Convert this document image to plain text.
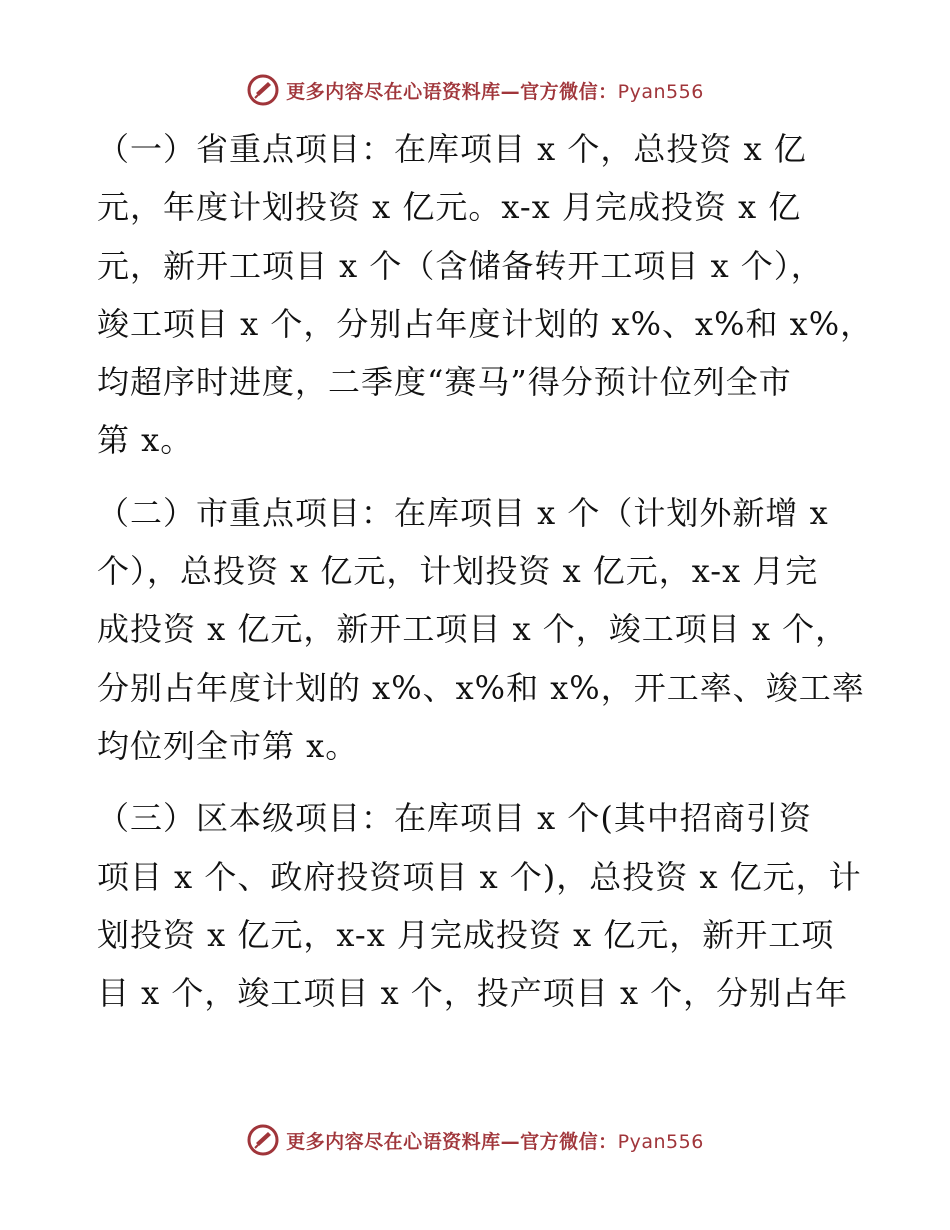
更多内容尽在心语资料库—官方微信：Pyan556

（一）省重点项目：在库项目 x 个，总投资 x 亿
元，年度计划投资 x 亿元。x-x 月完成投资 x 亿
元，新开工项目 x 个（含储备转开工项目 x 个），
竣工项目 x 个，分别占年度计划的 x%、x%和 x%，
均超序时进度，二季度“赛马”得分预计位列全市
第 x。

（二）市重点项目：在库项目 x 个（计划外新增 x
个），总投资 x 亿元，计划投资 x 亿元，x-x 月完
成投资 x 亿元，新开工项目 x 个，竣工项目 x 个，
分别占年度计划的 x%、x%和 x%，开工率、竣工率
均位列全市第 x。

（三）区本级项目：在库项目 x 个(其中招商引资
项目 x 个、政府投资项目 x 个)，总投资 x 亿元，计
划投资 x 亿元，x-x 月完成投资 x 亿元，新开工项
目 x 个，竣工项目 x 个，投产项目 x 个，分别占年

更多内容尽在心语资料库—官方微信：Pyan556
